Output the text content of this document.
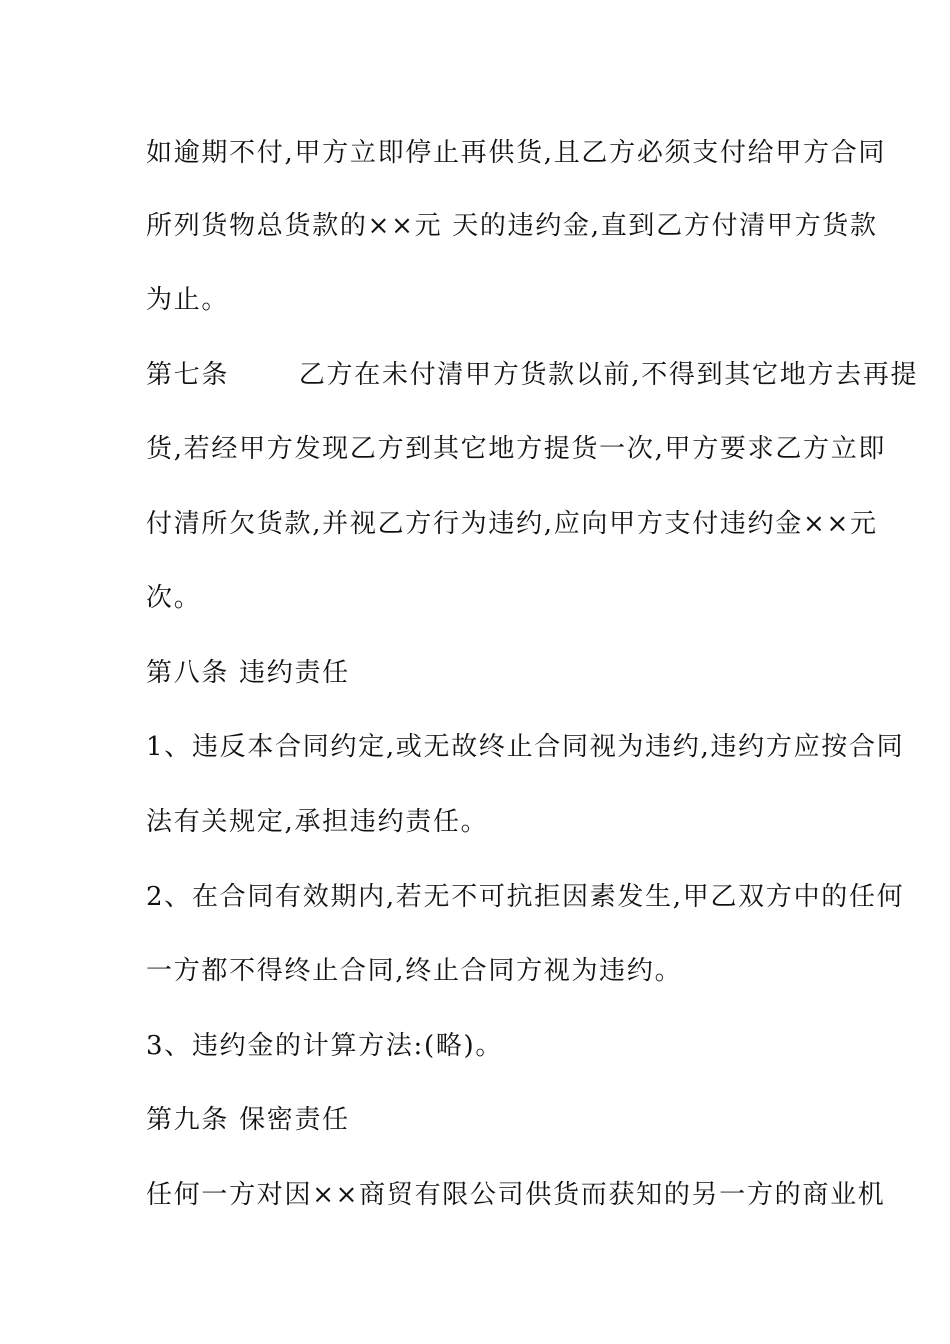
如逾期不付,甲方立即停止再供货,且乙方必须支付给甲方合同
所列货物总货款的××元 天的违约金,直到乙方付清甲方货款
为止。
第七条       乙方在未付清甲方货款以前,不得到其它地方去再提
货,若经甲方发现乙方到其它地方提货一次,甲方要求乙方立即
付清所欠货款,并视乙方行为违约,应向甲方支付违约金××元
次。
第八条 违约责任
1、违反本合同约定,或无故终止合同视为违约,违约方应按合同
法有关规定,承担违约责任。
2、在合同有效期内,若无不可抗拒因素发生,甲乙双方中的任何
一方都不得终止合同,终止合同方视为违约。
3、违约金的计算方法:(略)。
第九条 保密责任
任何一方对因××商贸有限公司供货而获知的另一方的商业机
